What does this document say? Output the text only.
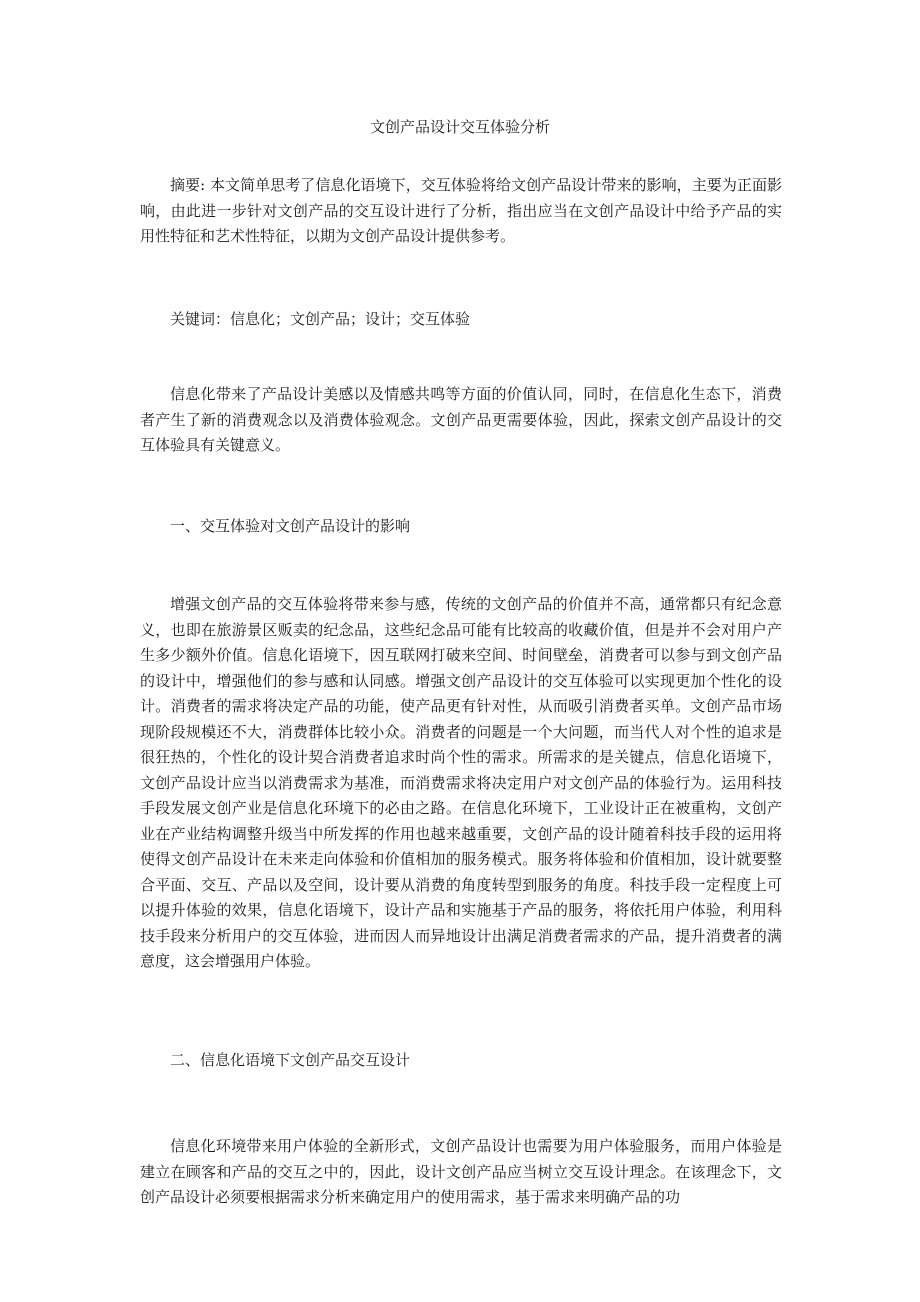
文创产品设计交互体验分析

摘要: 本文简单思考了信息化语境下，交互体验将给文创产品设计带来的影响，主要为正面影响，由此进一步针对文创产品的交互设计进行了分析，指出应当在文创产品设计中给予产品的实用性特征和艺术性特征，以期为文创产品设计提供参考。

关键词：信息化；文创产品；设计；交互体验

信息化带来了产品设计美感以及情感共鸣等方面的价值认同，同时，在信息化生态下，消费者产生了新的消费观念以及消费体验观念。文创产品更需要体验，因此，探索文创产品设计的交互体验具有关键意义。

一、交互体验对文创产品设计的影响

增强文创产品的交互体验将带来参与感，传统的文创产品的价值并不高，通常都只有纪念意义，也即在旅游景区贩卖的纪念品，这些纪念品可能有比较高的收藏价值，但是并不会对用户产生多少额外价值。信息化语境下，因互联网打破来空间、时间壁垒，消费者可以参与到文创产品的设计中，增强他们的参与感和认同感。增强文创产品设计的交互体验可以实现更加个性化的设计。消费者的需求将决定产品的功能，使产品更有针对性，从而吸引消费者买单。文创产品市场现阶段规模还不大，消费群体比较小众。消费者的问题是一个大问题，而当代人对个性的追求是很狂热的，个性化的设计契合消费者追求时尚个性的需求。所需求的是关键点，信息化语境下，文创产品设计应当以消费需求为基准，而消费需求将决定用户对文创产品的体验行为。运用科技手段发展文创产业是信息化环境下的必由之路。在信息化环境下，工业设计正在被重构，文创产业在产业结构调整升级当中所发挥的作用也越来越重要，文创产品的设计随着科技手段的运用将使得文创产品设计在未来走向体验和价值相加的服务模式。服务将体验和价值相加，设计就要整合平面、交互、产品以及空间，设计要从消费的角度转型到服务的角度。科技手段一定程度上可以提升体验的效果，信息化语境下，设计产品和实施基于产品的服务，将依托用户体验，利用科技手段来分析用户的交互体验，进而因人而异地设计出满足消费者需求的产品，提升消费者的满意度，这会增强用户体验。

二、信息化语境下文创产品交互设计

信息化环境带来用户体验的全新形式，文创产品设计也需要为用户体验服务，而用户体验是建立在顾客和产品的交互之中的，因此，设计文创产品应当树立交互设计理念。在该理念下，文创产品设计必须要根据需求分析来确定用户的使用需求，基于需求来明确产品的功
